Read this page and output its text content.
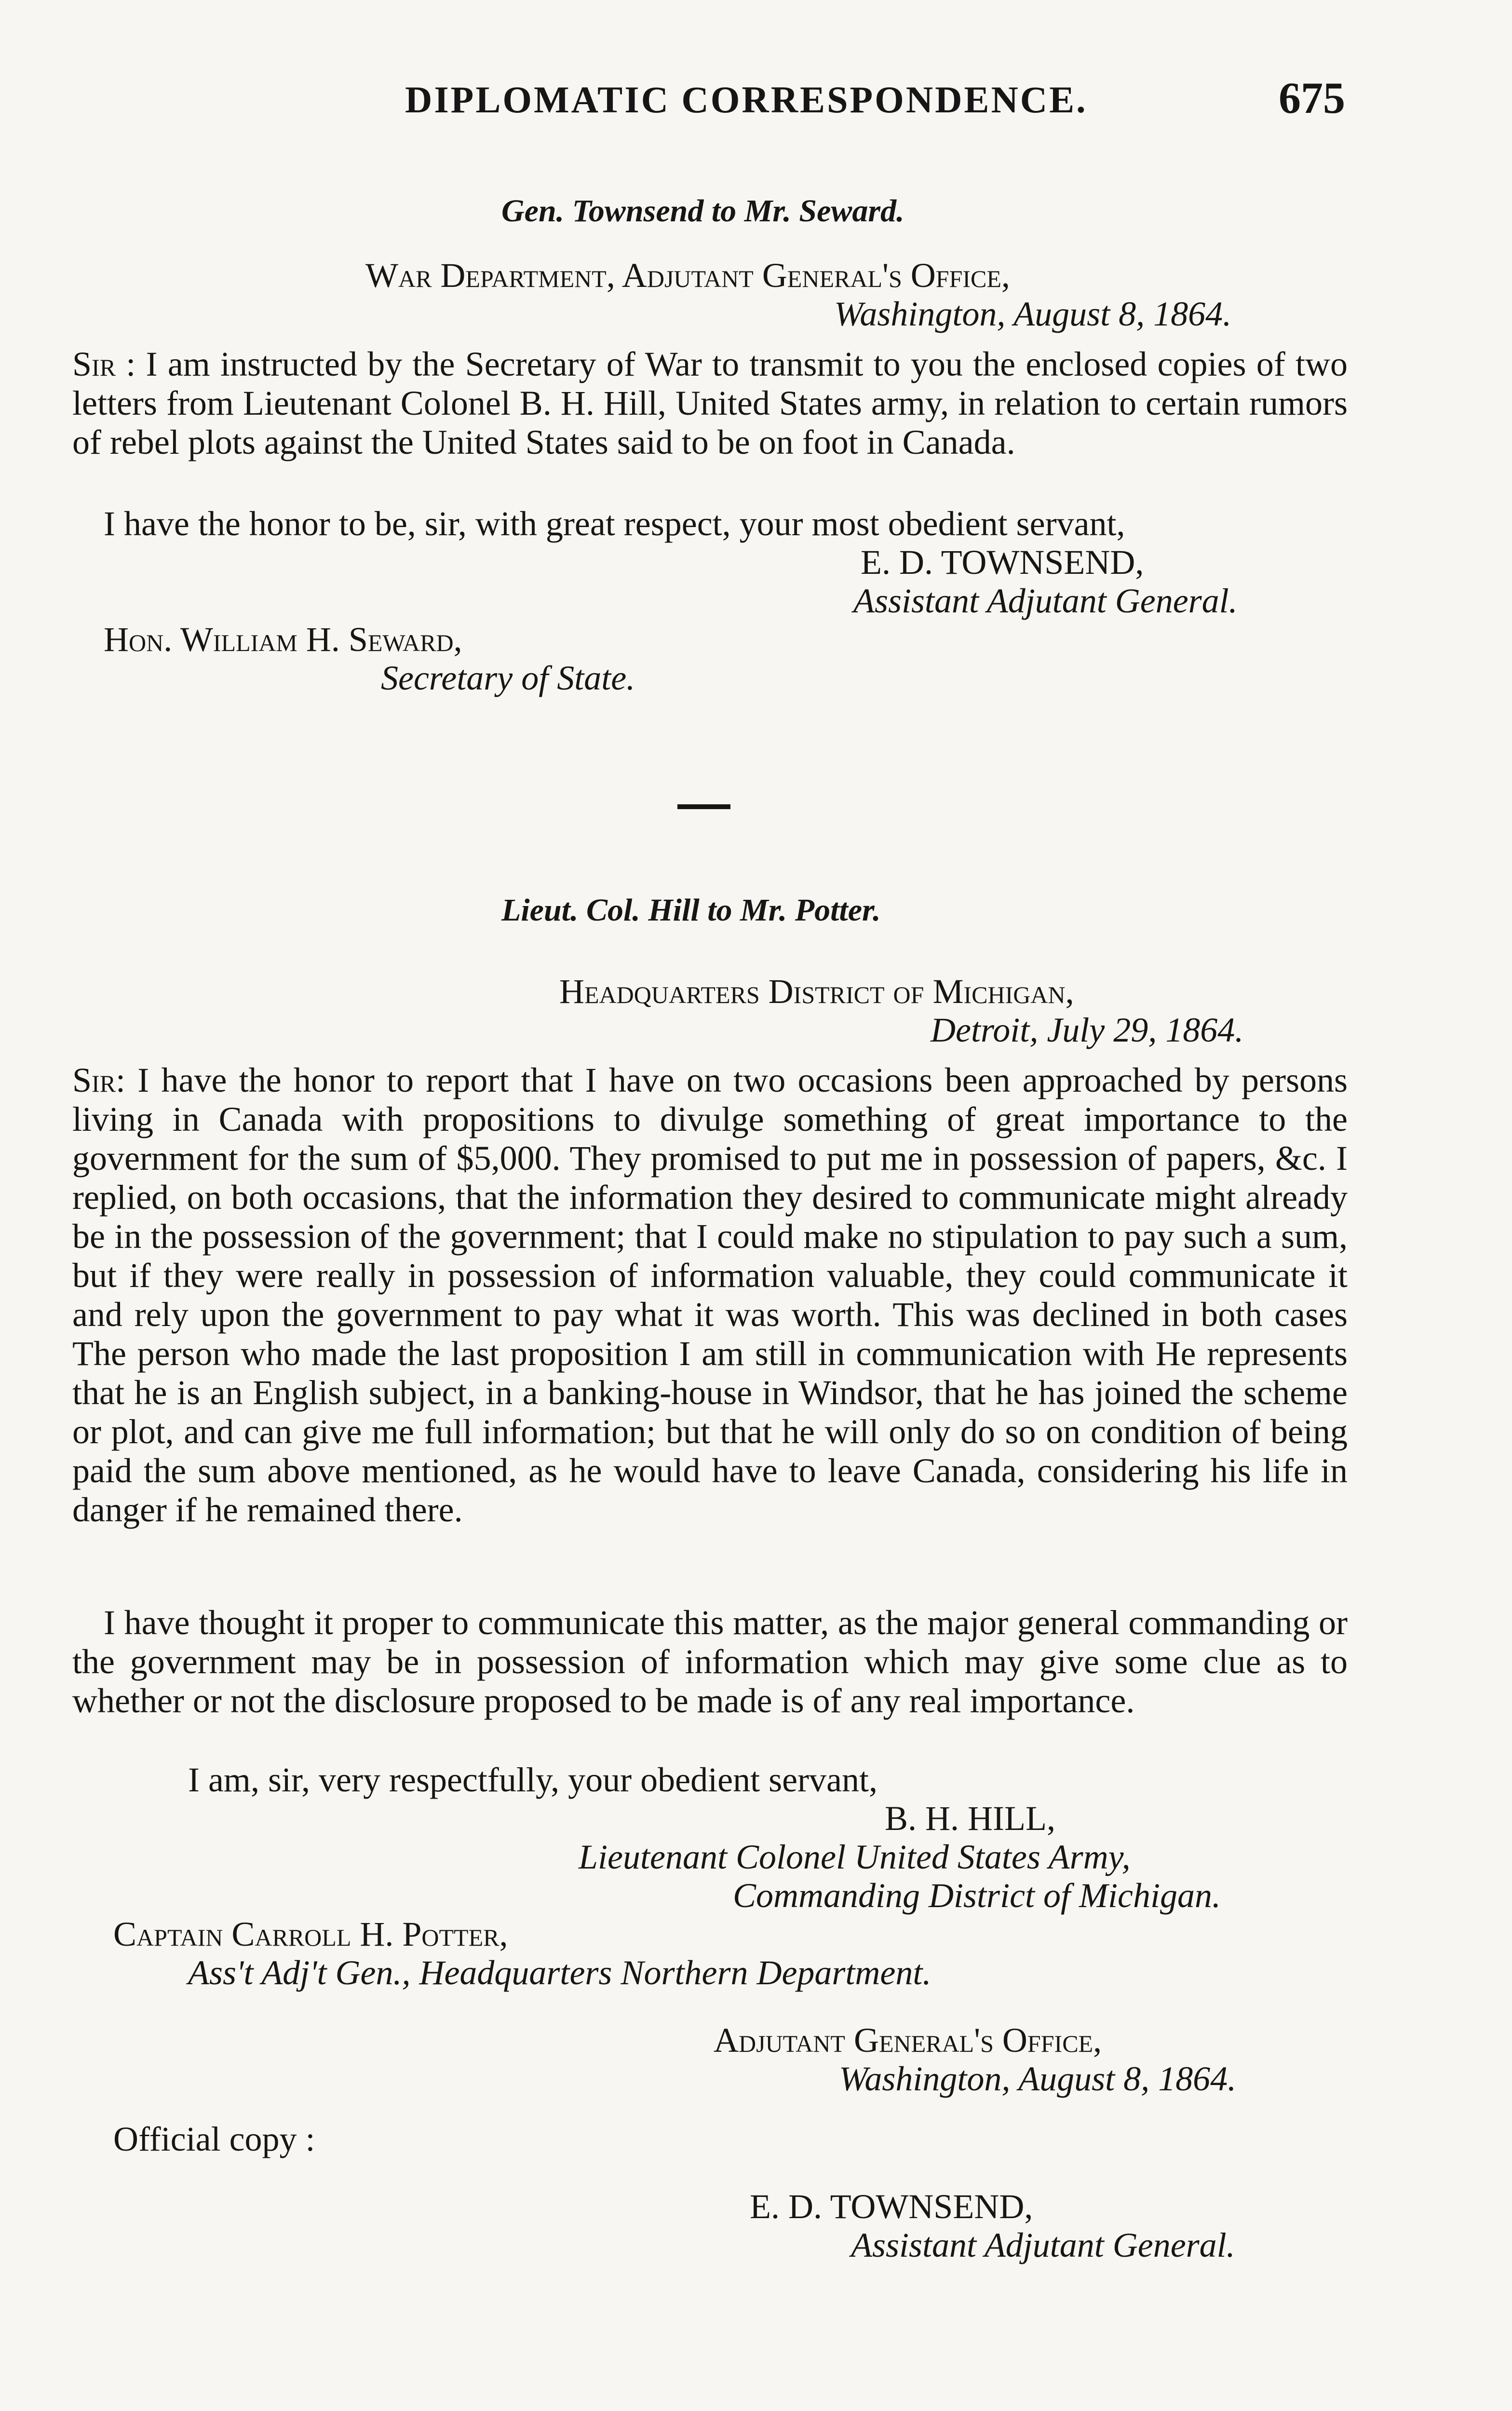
DIPLOMATIC CORRESPONDENCE.	675
Gen. Townsend to Mr. Seward.
War Department, Adjutant General's Office,
Washington, August 8, 1864.
Sir : I am instructed by the Secretary of War to transmit to you the enclosed copies of two letters from Lieutenant Colonel B. H. Hill, United States army, in relation to certain rumors of rebel plots against the United States said to be on foot in Canada.
I have the honor to be, sir, with great respect, your most obedient servant,
E. D. TOWNSEND,
Assistant Adjutant General.
Hon. William H. Seward,
Secretary of State.
Lieut. Col. Hill to Mr. Potter.
Headquarters District of Michigan,
Detroit, July 29, 1864.
Sir: I have the honor to report that I have on two occasions been approached by persons living in Canada with propositions to divulge something of great importance to the government for the sum of $5,000. They promised to put me in possession of papers, &c. I replied, on both occasions, that the information they desired to communicate might already be in the possession of the government; that I could make no stipulation to pay such a sum, but if they were really in possession of information valuable, they could communicate it and rely upon the government to pay what it was worth. This was declined in both cases The person who made the last proposition I am still in communication with He represents that he is an English subject, in a banking-house in Windsor, that he has joined the scheme or plot, and can give me full information; but that he will only do so on condition of being paid the sum above mentioned, as he would have to leave Canada, considering his life in danger if he remained there.
I have thought it proper to communicate this matter, as the major general commanding or the government may be in possession of information which may give some clue as to whether or not the disclosure proposed to be made is of any real importance.
I am, sir, very respectfully, your obedient servant,
B. H. HILL,
Lieutenant Colonel United States Army,
Commanding District of Michigan.
Captain Carroll H. Potter,
Ass't Adj't Gen., Headquarters Northern Department.
Adjutant General's Office,
Washington, August 8, 1864.
Official copy :
E. D. TOWNSEND,
Assistant Adjutant General.
